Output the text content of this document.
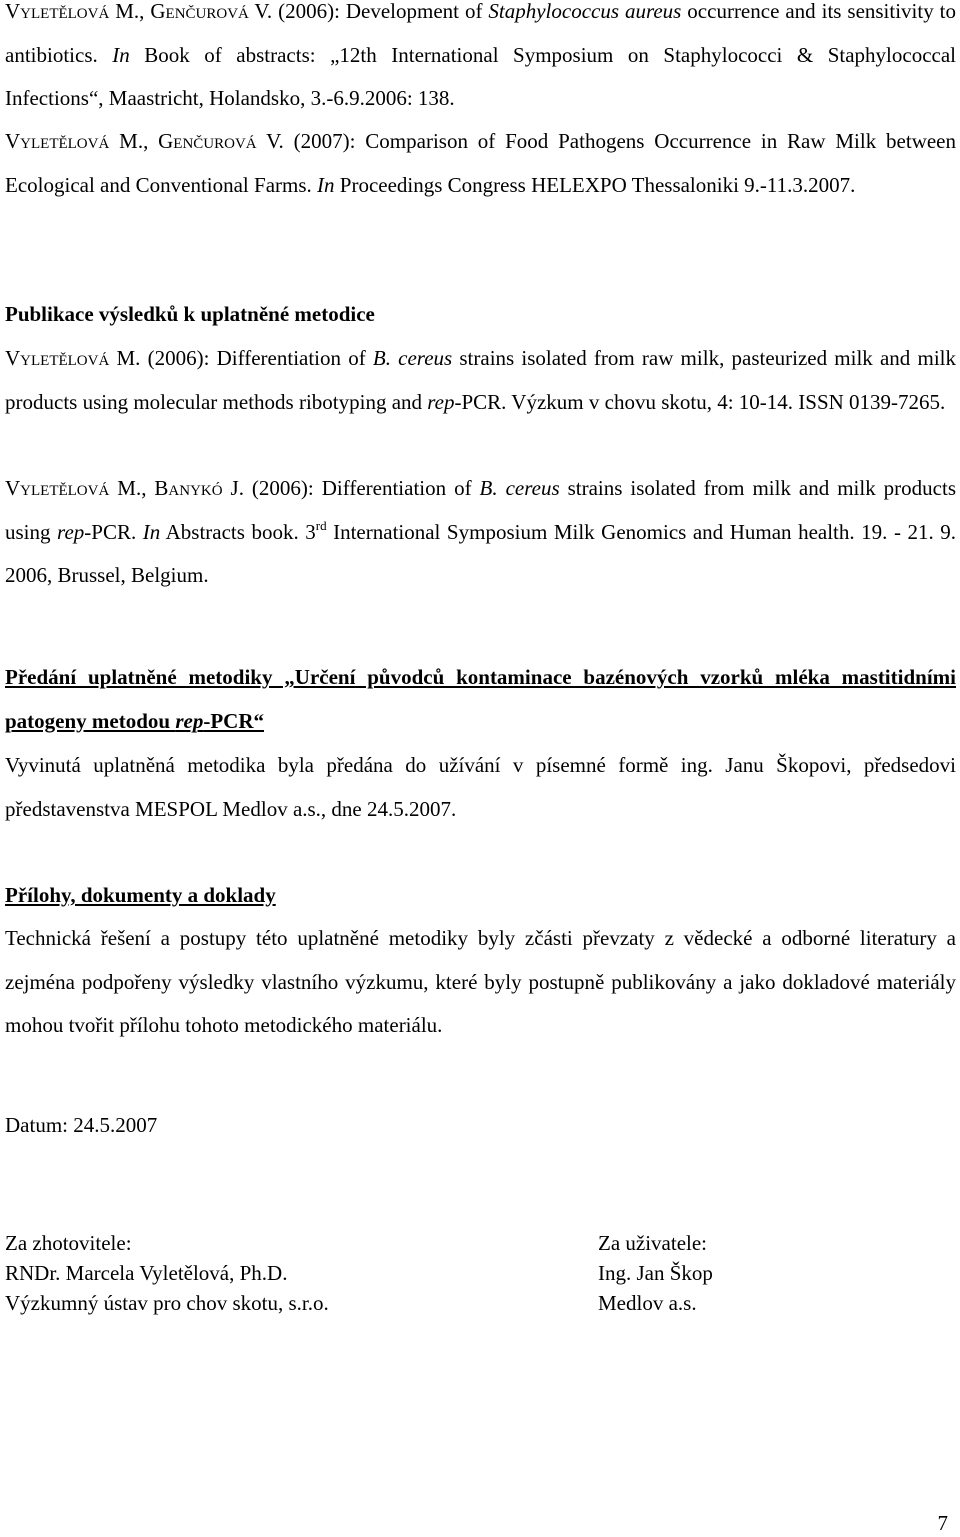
Vyletělová M., Genčurová V. (2006): Development of Staphylococcus aureus occurrence and its sensitivity to antibiotics. In Book of abstracts: „12th International Symposium on Staphylococci & Staphylococcal Infections“, Maastricht, Holandsko, 3.-6.9.2006: 138.

Vyletělová M., Genčurová V. (2007): Comparison of Food Pathogens Occurrence in Raw Milk between Ecological and Conventional Farms. In Proceedings Congress HELEXPO Thessaloniki 9.-11.3.2007.

Publikace výsledků k uplatněné metodice

Vyletělová M. (2006): Differentiation of B. cereus strains isolated from raw milk, pasteurized milk and milk products using molecular methods ribotyping and rep-PCR. Výzkum v chovu skotu, 4: 10-14. ISSN 0139-7265.

Vyletělová M., Banykó J. (2006): Differentiation of B. cereus strains isolated from milk and milk products using rep-PCR. In Abstracts book. 3rd International Symposium Milk Genomics and Human health. 19. - 21. 9. 2006, Brussel, Belgium.

Předání uplatněné metodiky „Určení původců kontaminace bazénových vzorků mléka mastitidními patogeny metodou rep-PCR“

Vyvinutá uplatněná metodika byla předána do užívání v písemné formě ing. Janu Škopovi, předsedovi představenstva MESPOL Medlov a.s., dne 24.5.2007.

Přílohy, dokumenty a doklady

Technická řešení a postupy této uplatněné metodiky byly zčásti převzaty z vědecké a odborné literatury a zejména podpořeny výsledky vlastního výzkumu, které byly postupně publikovány a jako dokladové materiály mohou tvořit přílohu tohoto metodického materiálu.

Datum: 24.5.2007

Za zhotovitele:
RNDr. Marcela Vyletělová, Ph.D.
Výzkumný ústav pro chov skotu, s.r.o.
Za uživatele:
Ing. Jan Škop
Medlov a.s.
7
